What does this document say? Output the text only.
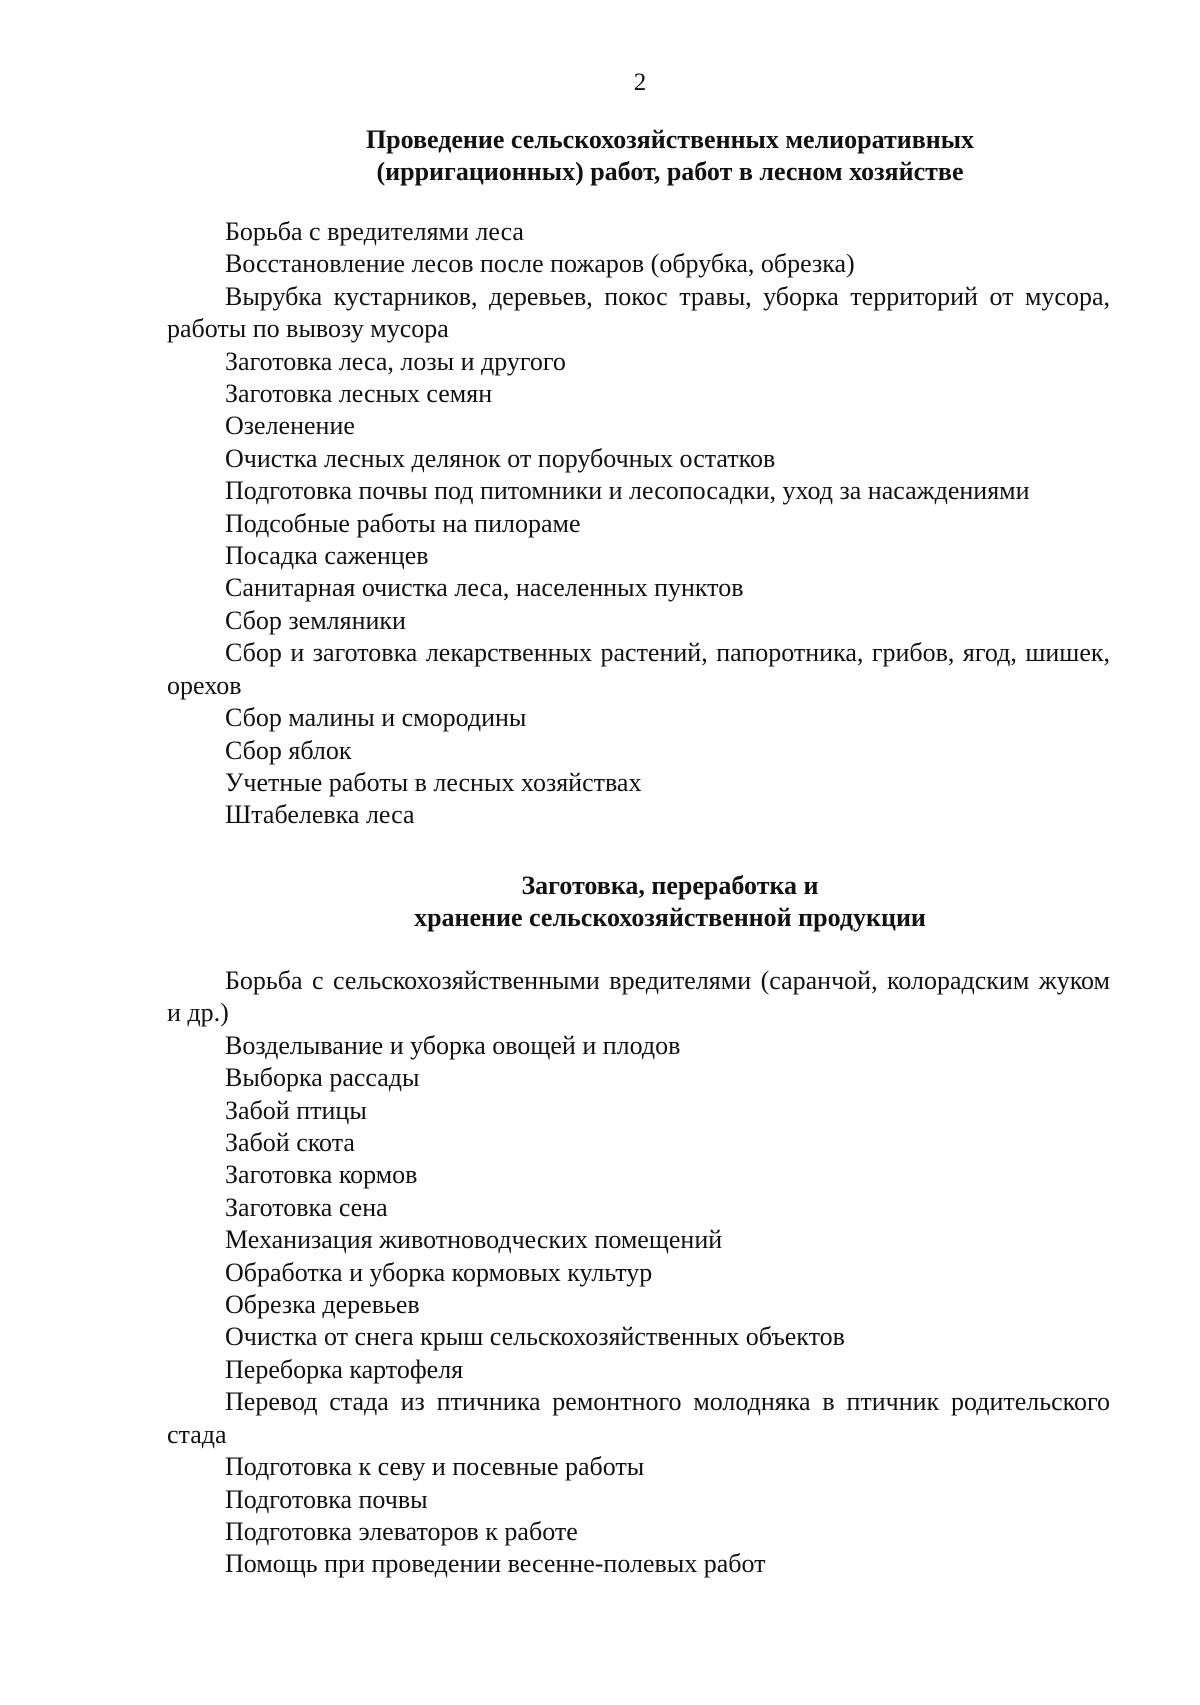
2
Проведение сельскохозяйственных мелиоративных
(ирригационных) работ, работ в лесном хозяйстве
Борьба с вредителями леса
Восстановление лесов после пожаров (обрубка, обрезка)
Вырубка кустарников, деревьев, покос травы, уборка территорий от мусора, работы по вывозу мусора
Заготовка леса, лозы и другого
Заготовка лесных семян
Озеленение
Очистка лесных делянок от порубочных остатков
Подготовка почвы под питомники и лесопосадки, уход за насаждениями
Подсобные работы на пилораме
Посадка саженцев
Санитарная очистка леса, населенных пунктов
Сбор земляники
Сбор и заготовка лекарственных растений, папоротника, грибов, ягод, шишек, орехов
Сбор малины и смородины
Сбор яблок
Учетные работы в лесных хозяйствах
Штабелевка леса
Заготовка, переработка и
хранение сельскохозяйственной продукции
Борьба с сельскохозяйственными вредителями (саранчой, колорадским жуком и др.)
Возделывание и уборка овощей и плодов
Выборка рассады
Забой птицы
Забой скота
Заготовка кормов
Заготовка сена
Механизация животноводческих помещений
Обработка и уборка кормовых культур
Обрезка деревьев
Очистка от снега крыш сельскохозяйственных объектов
Переборка картофеля
Перевод стада из птичника ремонтного молодняка в птичник родительского стада
Подготовка к севу и посевные работы
Подготовка почвы
Подготовка элеваторов к работе
Помощь при проведении весенне-полевых работ
